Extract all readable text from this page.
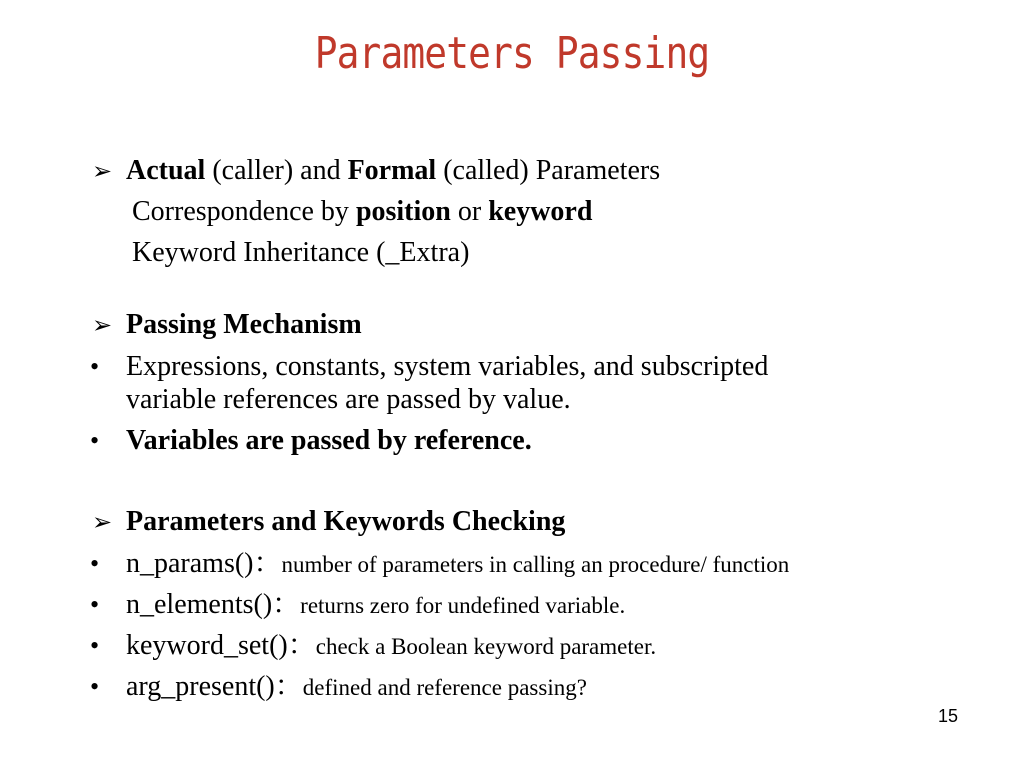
Parameters Passing
➢ Actual (caller) and Formal (called) Parameters
Correspondence by position or keyword
Keyword Inheritance (_Extra)
➢ Passing Mechanism
• Expressions, constants, system variables, and subscripted
variable references are passed by value.
• Variables are passed by reference.
➢ Parameters and Keywords Checking
• n_params()：number of parameters in calling an procedure/ function
• n_elements()：returns zero for undefined variable.
• keyword_set()：check a Boolean keyword parameter.
• arg_present()：defined and reference passing?
15
